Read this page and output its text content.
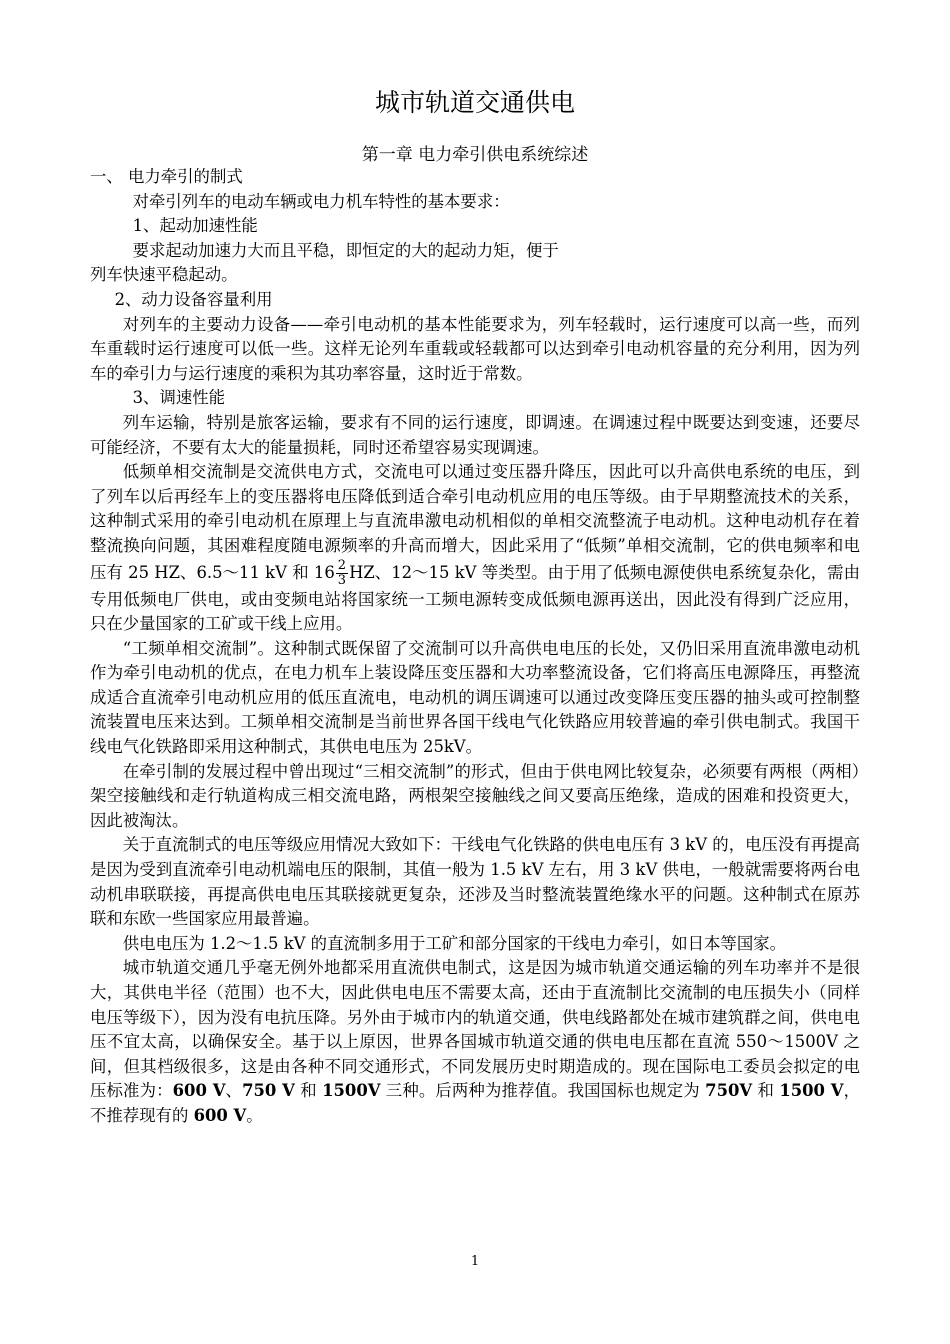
城市轨道交通供电
第一章 电力牵引供电系统综述

一、 电力牵引的制式

对牵引列车的电动车辆或电力机车特性的基本要求：

1、起动加速性能

要求起动加速力大而且平稳，即恒定的大的起动力矩，便于

列车快速平稳起动。

2、动力设备容量利用

对列车的主要动力设备——牵引电动机的基本性能要求为，列车轻载时，运行速度可以高一些，而列车重载时运行速度可以低一些。这样无论列车重载或轻载都可以达到牵引电动机容量的充分利用，因为列车的牵引力与运行速度的乘积为其功率容量，这时近于常数。

3、调速性能

列车运输，特别是旅客运输，要求有不同的运行速度，即调速。在调速过程中既要达到变速，还要尽可能经济，不要有太大的能量损耗，同时还希望容易实现调速。

低频单相交流制是交流供电方式，交流电可以通过变压器升降压，因此可以升高供电系统的电压，到了列车以后再经车上的变压器将电压降低到适合牵引电动机应用的电压等级。由于早期整流技术的关系，这种制式采用的牵引电动机在原理上与直流串激电动机相似的单相交流整流子电动机。这种电动机存在着整流换向问题，其困难程度随电源频率的升高而增大，因此采用了“低频”单相交流制，它的供电频率和电压有 25 HZ、6.5～11 kV 和 $16 \frac{2}{3}$ HZ、12～15 kV 等类型。由于用了低频电源使供电系统复杂化，需由专用低频电厂供电，或由变频电站将国家统一工频电源转变成低频电源再送出，因此没有得到广泛应用，只在少量国家的工矿或干线上应用。

“工频单相交流制”。这种制式既保留了交流制可以升高供电电压的长处，又仍旧采用直流串激电动机作为牵引电动机的优点，在电力机车上装设降压变压器和大功率整流设备，它们将高压电源降压，再整流成适合直流牵引电动机应用的低压直流电，电动机的调压调速可以通过改变降压变压器的抽头或可控制整流装置电压来达到。工频单相交流制是当前世界各国干线电气化铁路应用较普遍的牵引供电制式。我国干线电气化铁路即采用这种制式，其供电电压为 25kV。

在牵引制的发展过程中曾出现过“三相交流制”的形式，但由于供电网比较复杂，必须要有两根（两相）架空接触线和走行轨道构成三相交流电路，两根架空接触线之间又要高压绝缘，造成的困难和投资更大，因此被淘汰。

关于直流制式的电压等级应用情况大致如下：干线电气化铁路的供电电压有 3 kV 的，电压没有再提高是因为受到直流牵引电动机端电压的限制，其值一般为 1.5 kV 左右，用 3 kV 供电，一般就需要将两台电动机串联联接，再提高供电电压其联接就更复杂，还涉及当时整流装置绝缘水平的问题。这种制式在原苏联和东欧一些国家应用最普遍。

供电电压为 1.2～1.5 kV 的直流制多用于工矿和部分国家的干线电力牵引，如日本等国家。

城市轨道交通几乎毫无例外地都采用直流供电制式，这是因为城市轨道交通运输的列车功率并不是很大，其供电半径（范围）也不大，因此供电电压不需要太高，还由于直流制比交流制的电压损失小（同样电压等级下），因为没有电抗压降。另外由于城市内的轨道交通，供电线路都处在城市建筑群之间，供电电压不宜太高，以确保安全。基于以上原因，世界各国城市轨道交通的供电电压都在直流 550～1500V 之间，但其档级很多，这是由各种不同交通形式，不同发展历史时期造成的。现在国际电工委员会拟定的电压标准为：600 V、750 V 和 1500V 三种。后两种为推荐值。我国国标也规定为 750V 和 1500 V，不推荐现有的 600 V。

1
